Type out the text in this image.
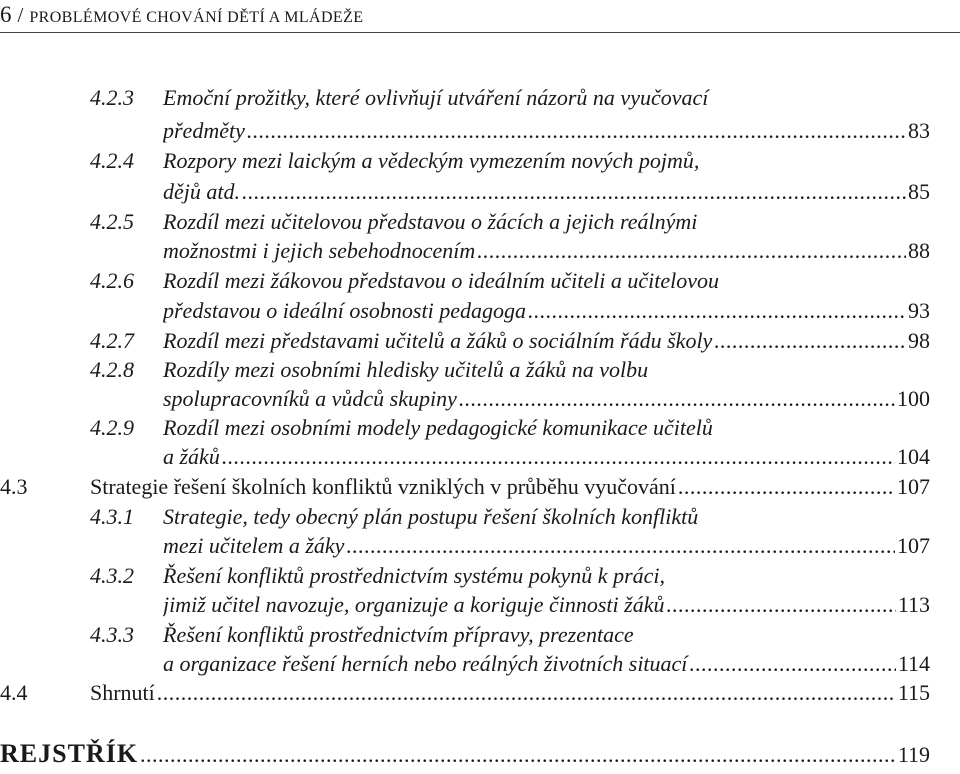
6 / PROBLÉMOVÉ CHOVÁNÍ DĚTÍ A MLÁDEŽE
4.2.3 Emoční prožitky, které ovlivňují utváření názorů na vyučovací
předměty .....	83
4.2.4 Rozpory mezi laickým a vědeckým vymezením nových pojmů,
dějů atd. .....	85
4.2.5 Rozdíl mezi učitelovou představou o žácích a jejich reálnými
možnostmi i jejich sebehodnocením .....	88
4.2.6 Rozdíl mezi žákovou představou o ideálním učiteli a učitelovou
představou o ideální osobnosti pedagoga .....	93
4.2.7	Rozdíl mezi představami učitelů a žáků o sociálním řádu školy .....	98
4.2.8 Rozdíly mezi osobními hledisky učitelů a žáků na volbu
spolupracovníků a vůdců skupiny .....	100
4.2.9 Rozdíl mezi osobními modely pedagogické komunikace učitelů
a žáků .....	104
4.3	Strategie řešení školních konfliktů vzniklých v průběhu vyučování .....	107
4.3.1 Strategie, tedy obecný plán postupu řešení školních konfliktů
mezi učitelem a žáky .....	107
4.3.2 Řešení konfliktů prostřednictvím systému pokynů k práci,
jimiž učitel navozuje, organizuje a koriguje činnosti žáků .....	113
4.3.3 Řešení konfliktů prostřednictvím přípravy, prezentace
a organizace řešení herních nebo reálných životních situací .....	114
4.4	Shrnutí .....	115
REJSTŘÍK .....	119
